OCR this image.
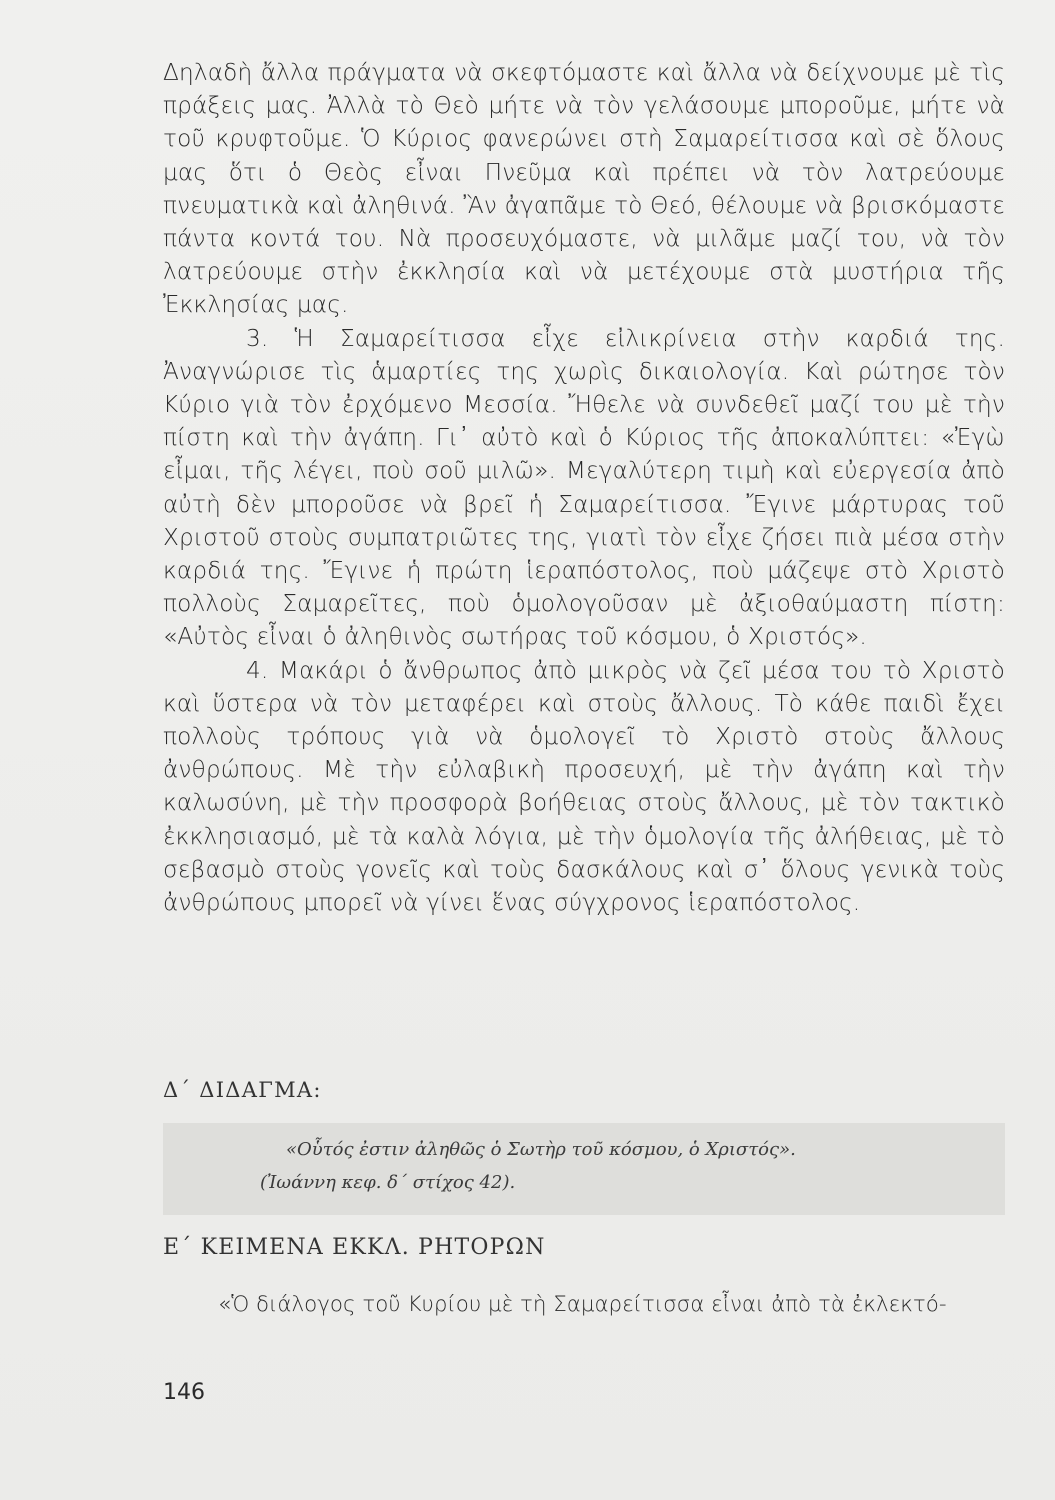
Δηλαδὴ ἄλλα πράγματα νὰ σκεφτόμαστε καὶ ἄλλα νὰ δείχνουμε μὲ τὶς πράξεις μας. Ἀλλὰ τὸ Θεὸ μήτε νὰ τὸν γελάσουμε μποροῦμε, μήτε νὰ τοῦ κρυφτοῦμε. Ὁ Κύριος φανερώνει στὴ Σαμαρείτισσα καὶ σὲ ὅλους μας ὅτι ὁ Θεὸς εἶναι Πνεῦμα καὶ πρέπει νὰ τὸν λατρεύουμε πνευματικὰ καὶ ἀληθινά. Ἂν ἀγαπᾶμε τὸ Θεό, θέλουμε νὰ βρισκόμαστε πάντα κοντά του. Νὰ προσευχόμαστε, νὰ μιλᾶμε μαζί του, νὰ τὸν λατρεύουμε στὴν ἐκκλησία καὶ νὰ μετέχουμε στὰ μυστήρια τῆς Ἐκκλησίας μας.

3. Ἡ Σαμαρείτισσα εἶχε εἰλικρίνεια στὴν καρδιά της. Ἀναγνώρισε τὶς ἁμαρτίες της χωρὶς δικαιολογία. Καὶ ρώτησε τὸν Κύριο γιὰ τὸν ἐρχόμενο Μεσσία. Ἤθελε νὰ συνδεθεῖ μαζί του μὲ τὴν πίστη καὶ τὴν ἀγάπη. Γι᾽ αὐτὸ καὶ ὁ Κύριος τῆς ἀποκαλύπτει: «Ἐγὼ εἶμαι, τῆς λέγει, ποὺ σοῦ μιλῶ». Μεγαλύτερη τιμὴ καὶ εὐεργεσία ἀπὸ αὐτὴ δὲν μποροῦσε νὰ βρεῖ ἡ Σαμαρείτισσα. Ἔγινε μάρτυρας τοῦ Χριστοῦ στοὺς συμπατριῶτες της, γιατὶ τὸν εἶχε ζήσει πιὰ μέσα στὴν καρδιά της. Ἔγινε ἡ πρώτη ἱεραπόστολος, ποὺ μάζεψε στὸ Χριστὸ πολλοὺς Σαμαρεῖτες, ποὺ ὁμολογοῦσαν μὲ ἀξιοθαύμαστη πίστη: «Αὐτὸς εἶναι ὁ ἀληθινὸς σωτήρας τοῦ κόσμου, ὁ Χριστός».

4. Μακάρι ὁ ἄνθρωπος ἀπὸ μικρὸς νὰ ζεῖ μέσα του τὸ Χριστὸ καὶ ὕστερα νὰ τὸν μεταφέρει καὶ στοὺς ἄλλους. Τὸ κάθε παιδὶ ἔχει πολλοὺς τρόπους γιὰ νὰ ὁμολογεῖ τὸ Χριστὸ στοὺς ἄλλους ἀνθρώπους. Μὲ τὴν εὐλαβικὴ προσευχή, μὲ τὴν ἀγάπη καὶ τὴν καλωσύνη, μὲ τὴν προσφορὰ βοήθειας στοὺς ἄλλους, μὲ τὸν τακτικὸ ἐκκλησιασμό, μὲ τὰ καλὰ λόγια, μὲ τὴν ὁμολογία τῆς ἀλήθειας, μὲ τὸ σεβασμὸ στοὺς γονεῖς καὶ τοὺς δασκάλους καὶ σ᾽ ὅλους γενικὰ τοὺς ἀνθρώπους μπορεῖ νὰ γίνει ἕνας σύγχρονος ἱεραπόστολος.

Δ΄ ΔΙΔΑΓΜΑ:
«Οὗτός ἐστιν ἀληθῶς ὁ Σωτὴρ τοῦ κόσμου, ὁ Χριστός».
(Ἰωάννη κεφ. δ΄ στίχος 42).
Ε΄ ΚΕΙΜΕΝΑ ΕΚΚΛ. ΡΗΤΟΡΩΝ
«Ὁ διάλογος τοῦ Κυρίου μὲ τὴ Σαμαρείτισσα εἶναι ἀπὸ τὰ ἐκλεκτό-
146
